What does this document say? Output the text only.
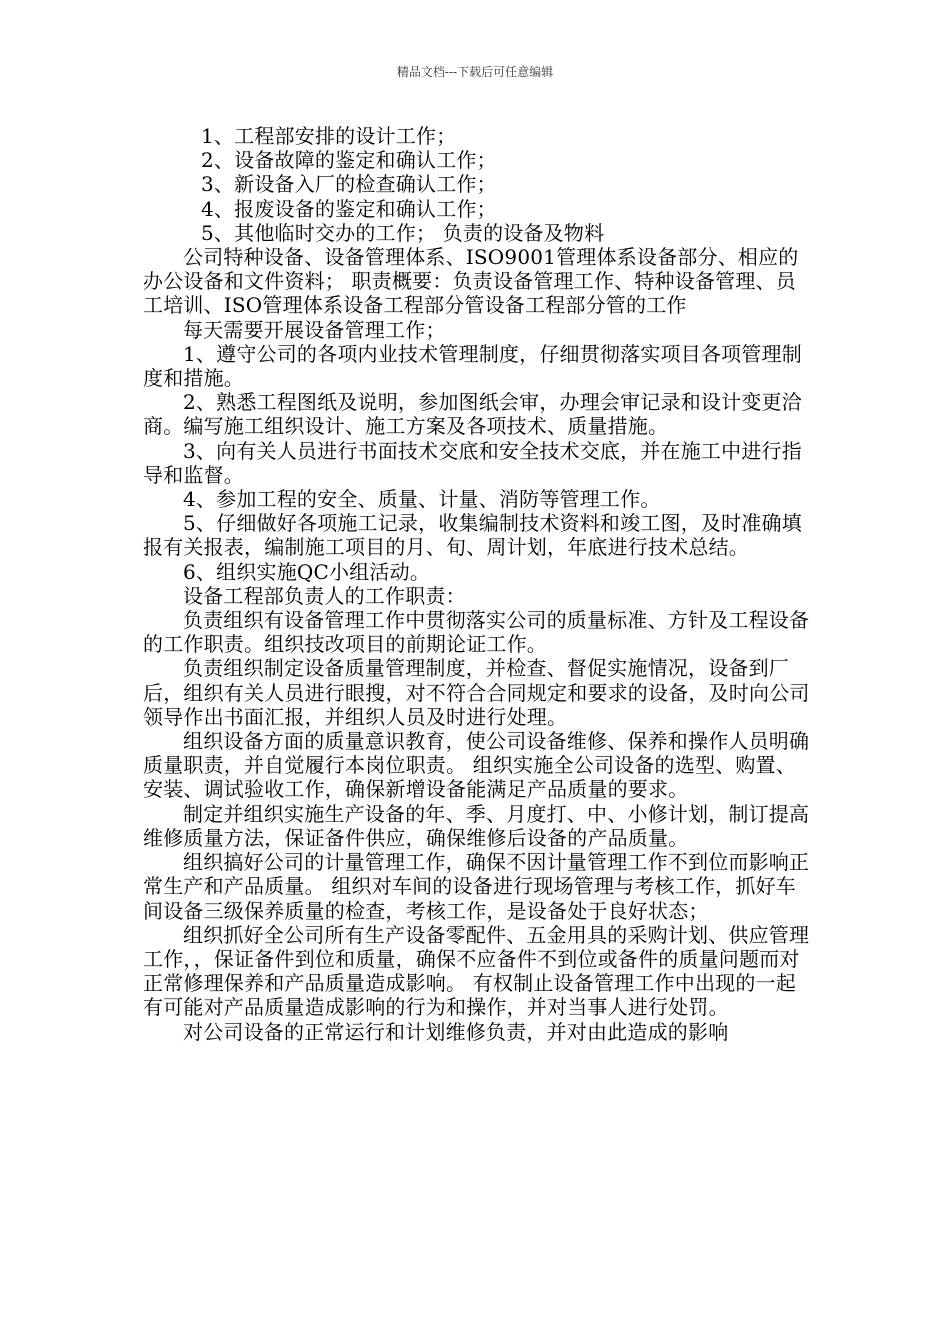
精品文档---下载后可任意编辑

1、工程部安排的设计工作；

2、设备故障的鉴定和确认工作；

3、新设备入厂的检查确认工作；

4、报废设备的鉴定和确认工作；

5、其他临时交办的工作； 负责的设备及物料

公司特种设备、设备管理体系、ISO9001管理体系设备部分、相应的办公设备和文件资料； 职责概要：负责设备管理工作、特种设备管理、员工培训、ISO管理体系设备工程部分管设备工程部分管的工作

每天需要开展设备管理工作；

1、遵守公司的各项内业技术管理制度，仔细贯彻落实项目各项管理制度和措施。

2、熟悉工程图纸及说明，参加图纸会审，办理会审记录和设计变更洽商。编写施工组织设计、施工方案及各项技术、质量措施。

3、向有关人员进行书面技术交底和安全技术交底，并在施工中进行指导和监督。

4、参加工程的安全、质量、计量、消防等管理工作。

5、仔细做好各项施工记录，收集编制技术资料和竣工图，及时准确填报有关报表，编制施工项目的月、旬、周计划，年底进行技术总结。

6、组织实施QC小组活动。

设备工程部负责人的工作职责：

负责组织有设备管理工作中贯彻落实公司的质量标准、方针及工程设备的工作职责。组织技改项目的前期论证工作。

负责组织制定设备质量管理制度，并检查、督促实施情况，设备到厂后，组织有关人员进行眼搜，对不符合合同规定和要求的设备，及时向公司领导作出书面汇报，并组织人员及时进行处理。

组织设备方面的质量意识教育，使公司设备维修、保养和操作人员明确质量职责，并自觉履行本岗位职责。 组织实施全公司设备的选型、购置、安装、调试验收工作，确保新增设备能满足产品质量的要求。

制定并组织实施生产设备的年、季、月度打、中、小修计划，制订提高维修质量方法，保证备件供应，确保维修后设备的产品质量。

组织搞好公司的计量管理工作，确保不因计量管理工作不到位而影响正常生产和产品质量。 组织对车间的设备进行现场管理与考核工作，抓好车间设备三级保养质量的检查，考核工作，是设备处于良好状态；

组织抓好全公司所有生产设备零配件、五金用具的采购计划、供应管理工作，，保证备件到位和质量，确保不应备件不到位或备件的质量问题而对正常修理保养和产品质量造成影响。 有权制止设备管理工作中出现的一起有可能对产品质量造成影响的行为和操作，并对当事人进行处罚。

对公司设备的正常运行和计划维修负责，并对由此造成的影响
